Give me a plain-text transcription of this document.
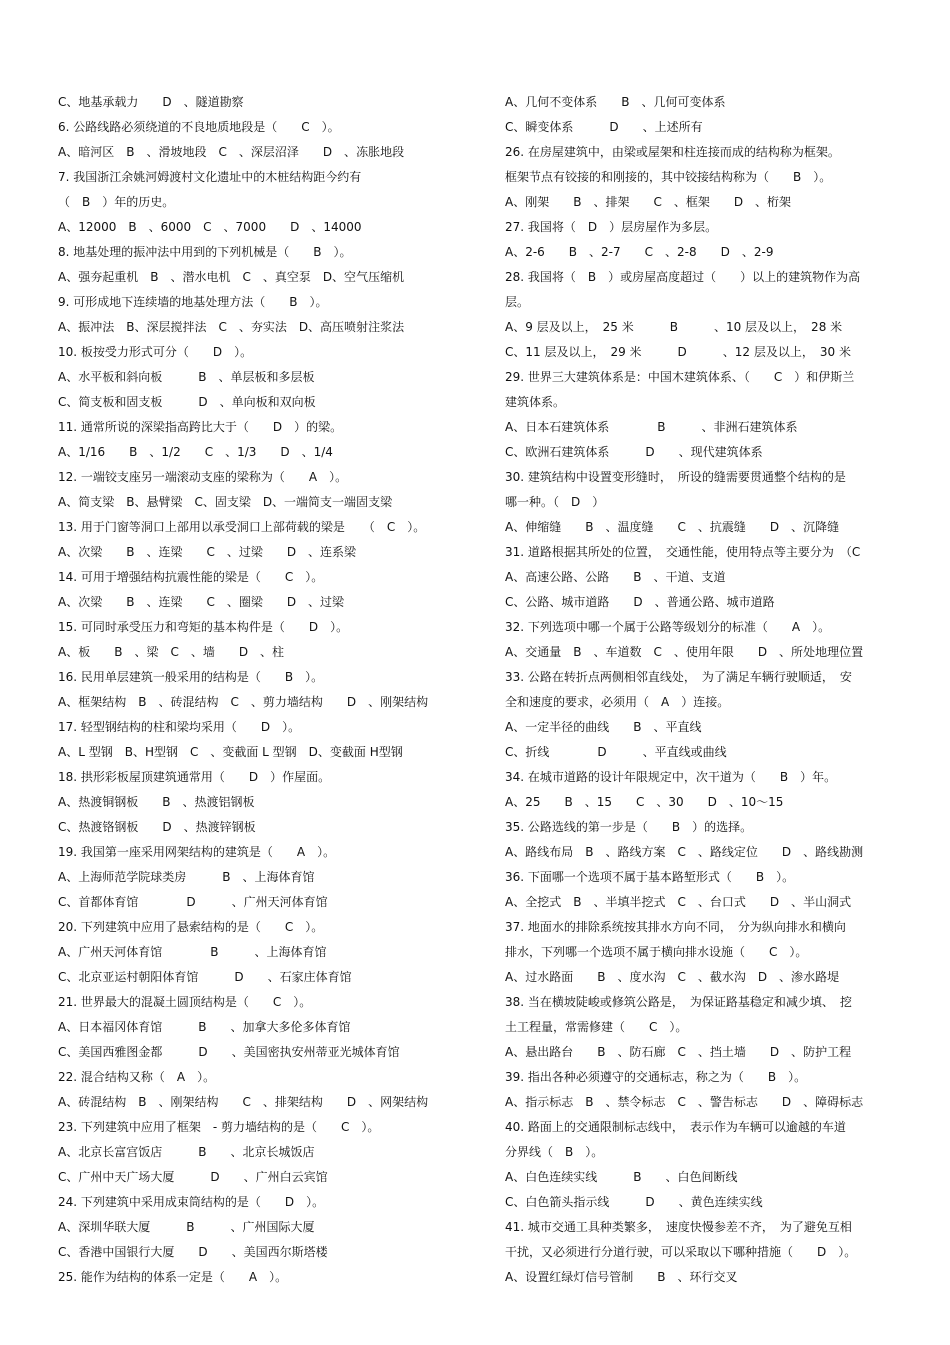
C、地基承载力　　D　、隧道勘察
6. 公路线路必须绕道的不良地质地段是（　　C　）。
A、暗河区　B　、滑坡地段　C　、深层沼泽　　D　、冻胀地段
7. 我国浙江余姚河姆渡村文化遗址中的木桩结构距今约有
（　B　）年的历史。
A、12000　B　、6000　C　、7000　　D　、14000
8. 地基处理的振冲法中用到的下列机械是（　　B　）。
A、强夯起重机　B　、潜水电机　C　、真空泵　D、空气压缩机
9. 可形成地下连续墙的地基处理方法（　　B　）。
A、振冲法　B、深层搅拌法　C　、夯实法　D、高压喷射注浆法
10. 板按受力形式可分（　　D　）。
A、水平板和斜向板　　　B　、单层板和多层板
C、简支板和固支板　　　D　、单向板和双向板
11. 通常所说的深梁指高跨比大于（　　D　）的梁。
A、1/16　　B　、1/2　　C　、1/3　　D　、1/4
12. 一端铰支座另一端滚动支座的梁称为（　　A　）。
A、简支梁　B、悬臂梁　C、固支梁　D、一端简支一端固支梁
13. 用于门窗等洞口上部用以承受洞口上部荷载的梁是　　（　C　）。
A、次梁　　B　、连梁　　C　、过梁　　D　、连系梁
14. 可用于增强结构抗震性能的梁是（　　C　）。
A、次梁　　B　、连梁　　C　、圈梁　　D　、过梁
15. 可同时承受压力和弯矩的基本构件是（　　D　）。
A、板　　B　、梁　C　、墙　　D　、柱
16. 民用单层建筑一般采用的结构是（　　B　）。
A、框架结构　B　、砖混结构　C　、剪力墙结构　　D　、刚架结构
17. 轻型钢结构的柱和梁均采用（　　D　）。
A、L 型钢　B、H型钢　C　、变截面 L 型钢　D、变截面 H型钢
18. 拱形彩板屋顶建筑通常用（　　D　）作屋面。
A、热渡铜钢板　　B　、热渡铝钢板
C、热渡铬钢板　　D　、热渡锌钢板
19. 我国第一座采用网架结构的建筑是（　　A　）。
A、上海师范学院球类房　　　B　、上海体育馆
C、首都体育馆　　　　D　　　、广州天河体育馆
20. 下列建筑中应用了悬索结构的是（　　C　）。
A、广州天河体育馆　　　　B　　　、上海体育馆
C、北京亚运村朝阳体育馆　　　D　　、石家庄体育馆
21. 世界最大的混凝土圆顶结构是（　　C　）。
A、日本福冈体育馆　　　B　　、加拿大多伦多体育馆
C、美国西雅图金都　　　D　　、美国密执安州蒂亚光城体育馆
22. 混合结构又称（　A　）。
A、砖混结构　B　、刚架结构　　C　、排架结构　　D　、网架结构
23. 下列建筑中应用了框架　- 剪力墙结构的是（　　C　）。
A、北京长富宫饭店　　　B　　、北京长城饭店
C、广州中天广场大厦　　　D　　、广州白云宾馆
24. 下列建筑中采用成束筒结构的是（　　D　）。
A、深圳华联大厦　　　B　　　、广州国际大厦
C、香港中国银行大厦　　D　　、美国西尔斯塔楼
25. 能作为结构的体系一定是（　　A　）。
A、几何不变体系　　B　、几何可变体系
C、瞬变体系　　　D　　、上述所有
26. 在房屋建筑中，由梁或屋架和柱连接而成的结构称为框架。
框架节点有铰接的和刚接的，其中铰接结构称为（　　B　）。
A、刚架　　B　、排架　　C　、框架　　D　、桁架
27. 我国将（　D　）层房屋作为多层。
A、2-6　　B　、2-7　　C　、2-8　　D　、2-9
28. 我国将（　B　）或房屋高度超过（　　）以上的建筑物作为高
层。
A、9 层及以上，　25 米　　　B　　　、10 层及以上，　28 米
C、11 层及以上，　29 米　　　D　　　、12 层及以上，　30 米
29. 世界三大建筑体系是：中国木建筑体系、（　　C　）和伊斯兰
建筑体系。
A、日本石建筑体系　　　　B　　　、非洲石建筑体系
C、欧洲石建筑体系　　　D　　、现代建筑体系
30. 建筑结构中设置变形缝时，　所设的缝需要贯通整个结构的是
哪一种。（　D　）
A、伸缩缝　　B　、温度缝　　C　、抗震缝　　D　、沉降缝
31. 道路根据其所处的位置，　交通性能，使用特点等主要分为　（C
A、高速公路、公路　　B　、干道、支道
C、公路、城市道路　　D　、普通公路、城市道路
32. 下列选项中哪一个属于公路等级划分的标准（　　A　）。
A、交通量　B　、车道数　C　、使用年限　　D　、所处地理位置
33. 公路在转折点两侧相邻直线处，　为了满足车辆行驶顺适，　安
全和速度的要求，必须用（　A　）连接。
A、一定半径的曲线　　B　、平直线
C、折线　　　　D　　　、平直线或曲线
34. 在城市道路的设计年限规定中，次干道为（　　B　）年。
A、25　　B　、15　　C　、30　　D　、10～15
35. 公路选线的第一步是（　　B　）的选择。
A、路线布局　B　、路线方案　C　、路线定位　　D　、路线勘测
36. 下面哪一个选项不属于基本路堑形式（　　B　）。
A、全挖式　B　、半填半挖式　C　、台口式　　D　、半山洞式
37. 地面水的排除系统按其排水方向不同，　分为纵向排水和横向
排水，下列哪一个选项不属于横向排水设施（　　C　）。
A、过水路面　　B　、度水沟　C　、截水沟　D　、渗水路堤
38. 当在横坡陡峻或修筑公路是，　为保证路基稳定和减少填、　挖
土工程量，常需修建（　　C　）。
A、悬出路台　　B　、防石廊　C　、挡土墙　　D　、防护工程
39. 指出各种必须遵守的交通标志，称之为（　　B　）。
A、指示标志　B　、禁令标志　C　、警告标志　　D　、障碍标志
40. 路面上的交通限制标志线中，　表示作为车辆可以逾越的车道
分界线（　B　）。
A、白色连续实线　　　B　　、白色间断线
C、白色箭头指示线　　　D　　、黄色连续实线
41. 城市交通工具种类繁多，　速度快慢参差不齐，　为了避免互相
干扰，又必须进行分道行驶，可以采取以下哪种措施（　　D　）。
A、设置红绿灯信号管制　　B　、环行交叉
